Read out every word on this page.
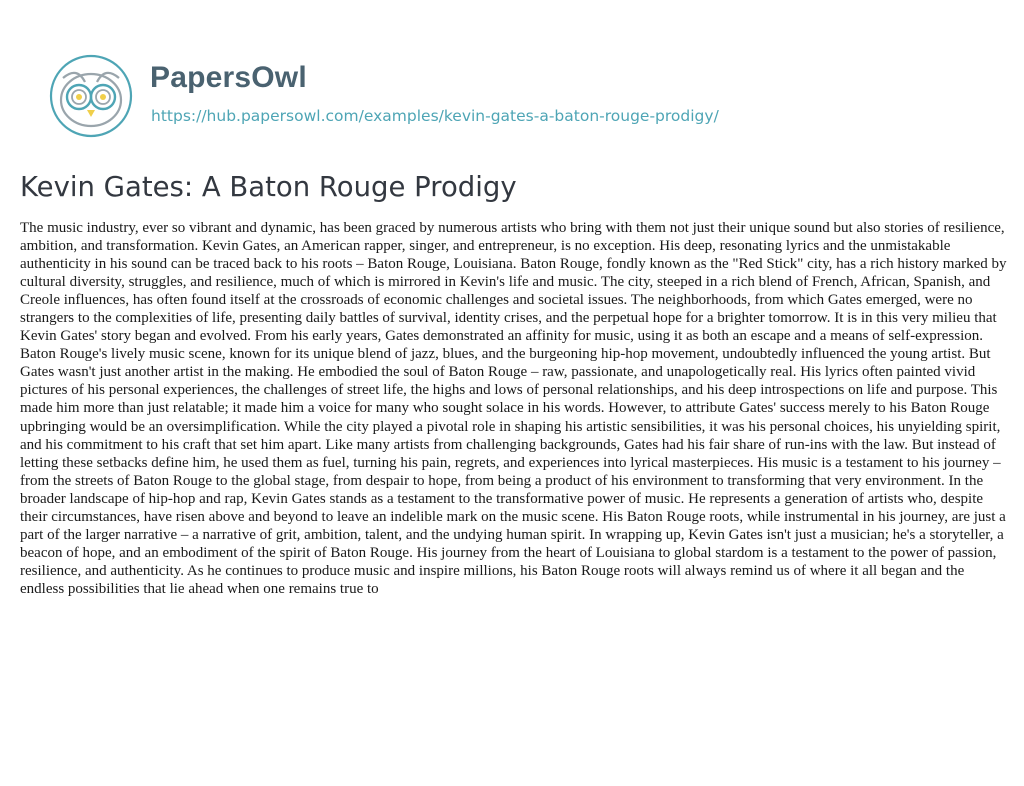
PapersOwl
https://hub.papersowl.com/examples/kevin-gates-a-baton-rouge-prodigy/
Kevin Gates: A Baton Rouge Prodigy

The music industry, ever so vibrant and dynamic, has been graced by numerous artists who bring with them not just their unique sound but also stories of resilience, ambition, and transformation. Kevin Gates, an American rapper, singer, and entrepreneur, is no exception. His deep, resonating lyrics and the unmistakable authenticity in his sound can be traced back to his roots – Baton Rouge, Louisiana. Baton Rouge, fondly known as the "Red Stick" city, has a rich history marked by cultural diversity, struggles, and resilience, much of which is mirrored in Kevin's life and music. The city, steeped in a rich blend of French, African, Spanish, and Creole influences, has often found itself at the crossroads of economic challenges and societal issues. The neighborhoods, from which Gates emerged, were no strangers to the complexities of life, presenting daily battles of survival, identity crises, and the perpetual hope for a brighter tomorrow. It is in this very milieu that Kevin Gates' story began and evolved. From his early years, Gates demonstrated an affinity for music, using it as both an escape and a means of self-expression. Baton Rouge's lively music scene, known for its unique blend of jazz, blues, and the burgeoning hip-hop movement, undoubtedly influenced the young artist. But Gates wasn't just another artist in the making. He embodied the soul of Baton Rouge – raw, passionate, and unapologetically real. His lyrics often painted vivid pictures of his personal experiences, the challenges of street life, the highs and lows of personal relationships, and his deep introspections on life and purpose. This made him more than just relatable; it made him a voice for many who sought solace in his words. However, to attribute Gates' success merely to his Baton Rouge upbringing would be an oversimplification. While the city played a pivotal role in shaping his artistic sensibilities, it was his personal choices, his unyielding spirit, and his commitment to his craft that set him apart. Like many artists from challenging backgrounds, Gates had his fair share of run-ins with the law. But instead of letting these setbacks define him, he used them as fuel, turning his pain, regrets, and experiences into lyrical masterpieces. His music is a testament to his journey – from the streets of Baton Rouge to the global stage, from despair to hope, from being a product of his environment to transforming that very environment. In the broader landscape of hip-hop and rap, Kevin Gates stands as a testament to the transformative power of music. He represents a generation of artists who, despite their circumstances, have risen above and beyond to leave an indelible mark on the music scene. His Baton Rouge roots, while instrumental in his journey, are just a part of the larger narrative – a narrative of grit, ambition, talent, and the undying human spirit. In wrapping up, Kevin Gates isn't just a musician; he's a storyteller, a beacon of hope, and an embodiment of the spirit of Baton Rouge. His journey from the heart of Louisiana to global stardom is a testament to the power of passion, resilience, and authenticity. As he continues to produce music and inspire millions, his Baton Rouge roots will always remind us of where it all began and the endless possibilities that lie ahead when one remains true to
